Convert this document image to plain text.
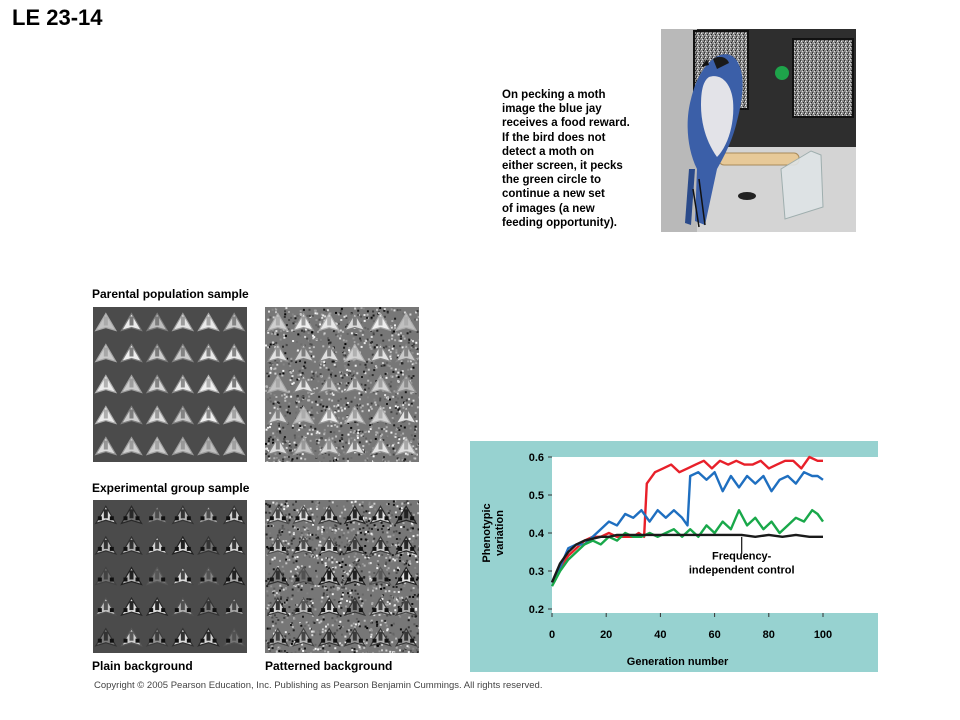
LE 23-14
On pecking a moth
image the blue jay
receives a food reward.
If the bird does not
detect a moth on
either screen, it pecks
the green circle to
continue a new set
of images (a new
feeding opportunity).
Parental population sample
Experimental group sample
Plain background	Patterned background
0.2
0.3
0.4
0.5
0.6
0	20	40	60	80	100
Generation number
Phenotypic variation
Frequency-
independent control
Copyright © 2005 Pearson Education, Inc. Publishing as Pearson Benjamin Cummings. All rights reserved.
